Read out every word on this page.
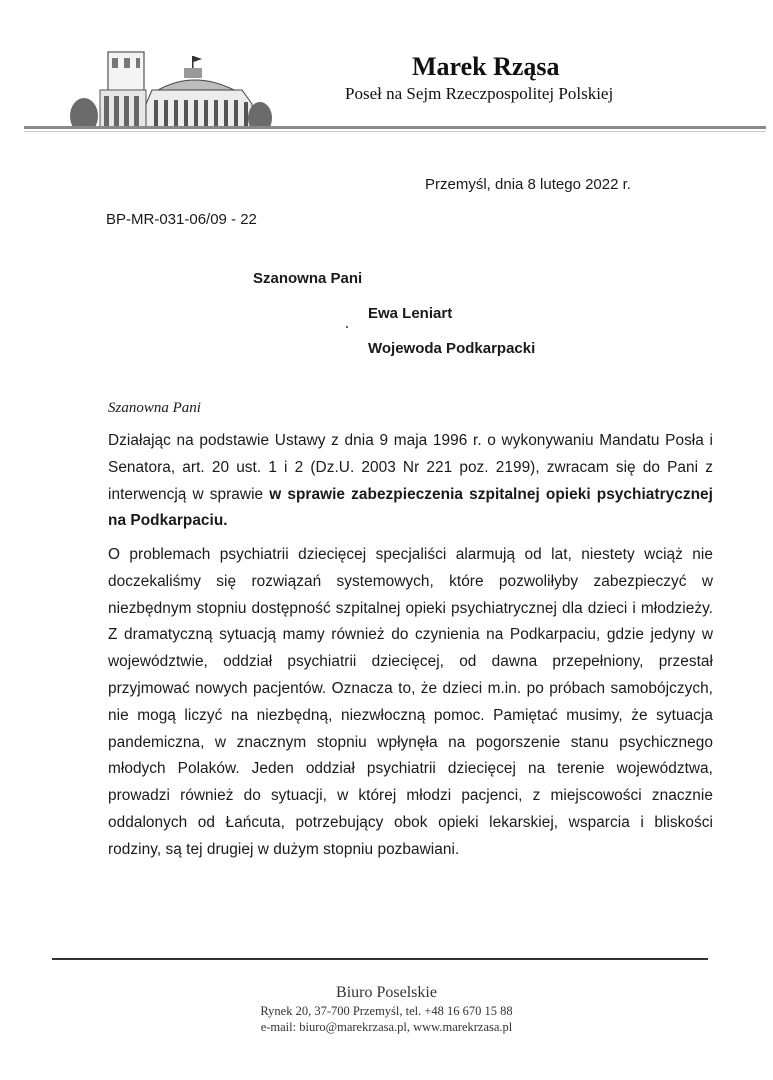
Marek Rząsa
Poseł na Sejm Rzeczpospolitej Polskiej
Przemyśl, dnia 8 lutego 2022 r.
BP-MR-031-06/09 - 22
Szanowna Pani
Ewa Leniart
Wojewoda Podkarpacki
Szanowna Pani
Działając na podstawie Ustawy z dnia 9 maja 1996 r. o wykonywaniu Mandatu Posła i Senatora, art. 20 ust. 1 i 2 (Dz.U. 2003 Nr 221 poz. 2199), zwracam się do Pani z interwencją w sprawie w sprawie zabezpieczenia szpitalnej opieki psychiatrycznej na Podkarpaciu.
O problemach psychiatrii dziecięcej specjaliści alarmują od lat, niestety wciąż nie doczekaliśmy się rozwiązań systemowych, które pozwoliłyby zabezpieczyć w niezbędnym stopniu dostępność szpitalnej opieki psychiatrycznej dla dzieci i młodzieży. Z dramatyczną sytuacją mamy również do czynienia na Podkarpaciu, gdzie jedyny w województwie, oddział psychiatrii dziecięcej, od dawna przepełniony, przestał przyjmować nowych pacjentów. Oznacza to, że dzieci m.in. po próbach samobójczych, nie mogą liczyć na niezbędną, niezwłoczną pomoc. Pamiętać musimy, że sytuacja pandemiczna, w znacznym stopniu wpłynęła na pogorszenie stanu psychicznego młodych Polaków. Jeden oddział psychiatrii dziecięcej na terenie województwa, prowadzi również do sytuacji, w której młodzi pacjenci, z miejscowości znacznie oddalonych od Łańcuta, potrzebujący obok opieki lekarskiej, wsparcia i bliskości rodziny, są tej drugiej w dużym stopniu pozbawiani.
Biuro Poselskie
Rynek 20, 37-700 Przemyśl, tel. +48 16 670 15 88
e-mail: biuro@marekrzasa.pl, www.marekrzasa.pl
